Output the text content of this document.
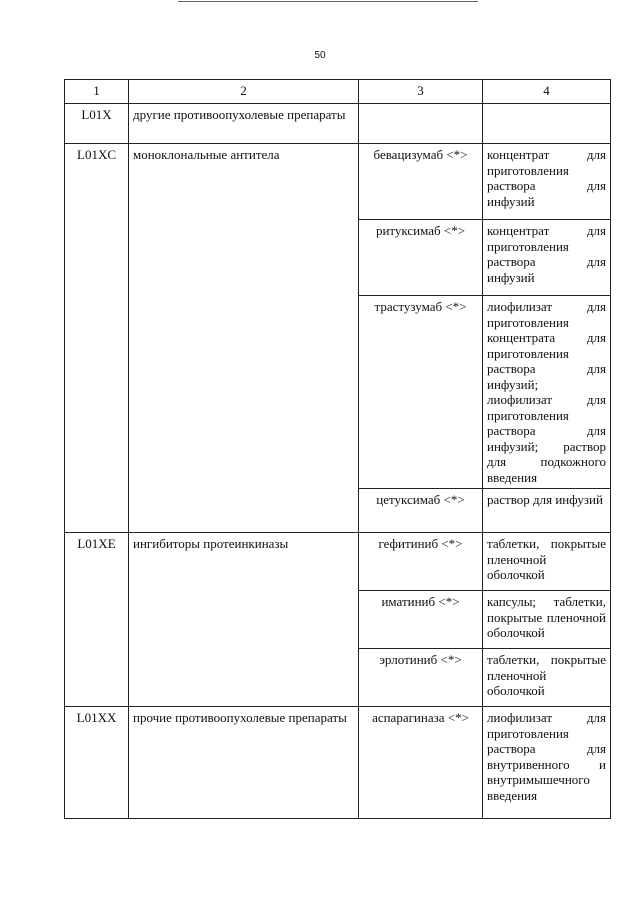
50
1	2	3	4
L01X	другие противоопухолевые препараты		
L01XC	моноклональные антитела	бевацизумаб <*>	концентрат для приготовления раствора для инфузий
		ритуксимаб <*>	концентрат для приготовления раствора для инфузий
		трастузумаб <*>	лиофилизат для приготовления концентрата для приготовления раствора для инфузий; лиофилизат для приготовления раствора для инфузий; раствор для подкожного введения
		цетуксимаб <*>	раствор для инфузий
L01XE	ингибиторы протеинкиназы	гефитиниб <*>	таблетки, покрытые пленочной оболочкой
		иматиниб <*>	капсулы; таблетки, покрытые пленочной оболочкой
		эрлотиниб <*>	таблетки, покрытые пленочной оболочкой
L01XX	прочие противоопухолевые препараты	аспарагиназа <*>	лиофилизат для приготовления раствора для внутривенного и внутримышечного введения
